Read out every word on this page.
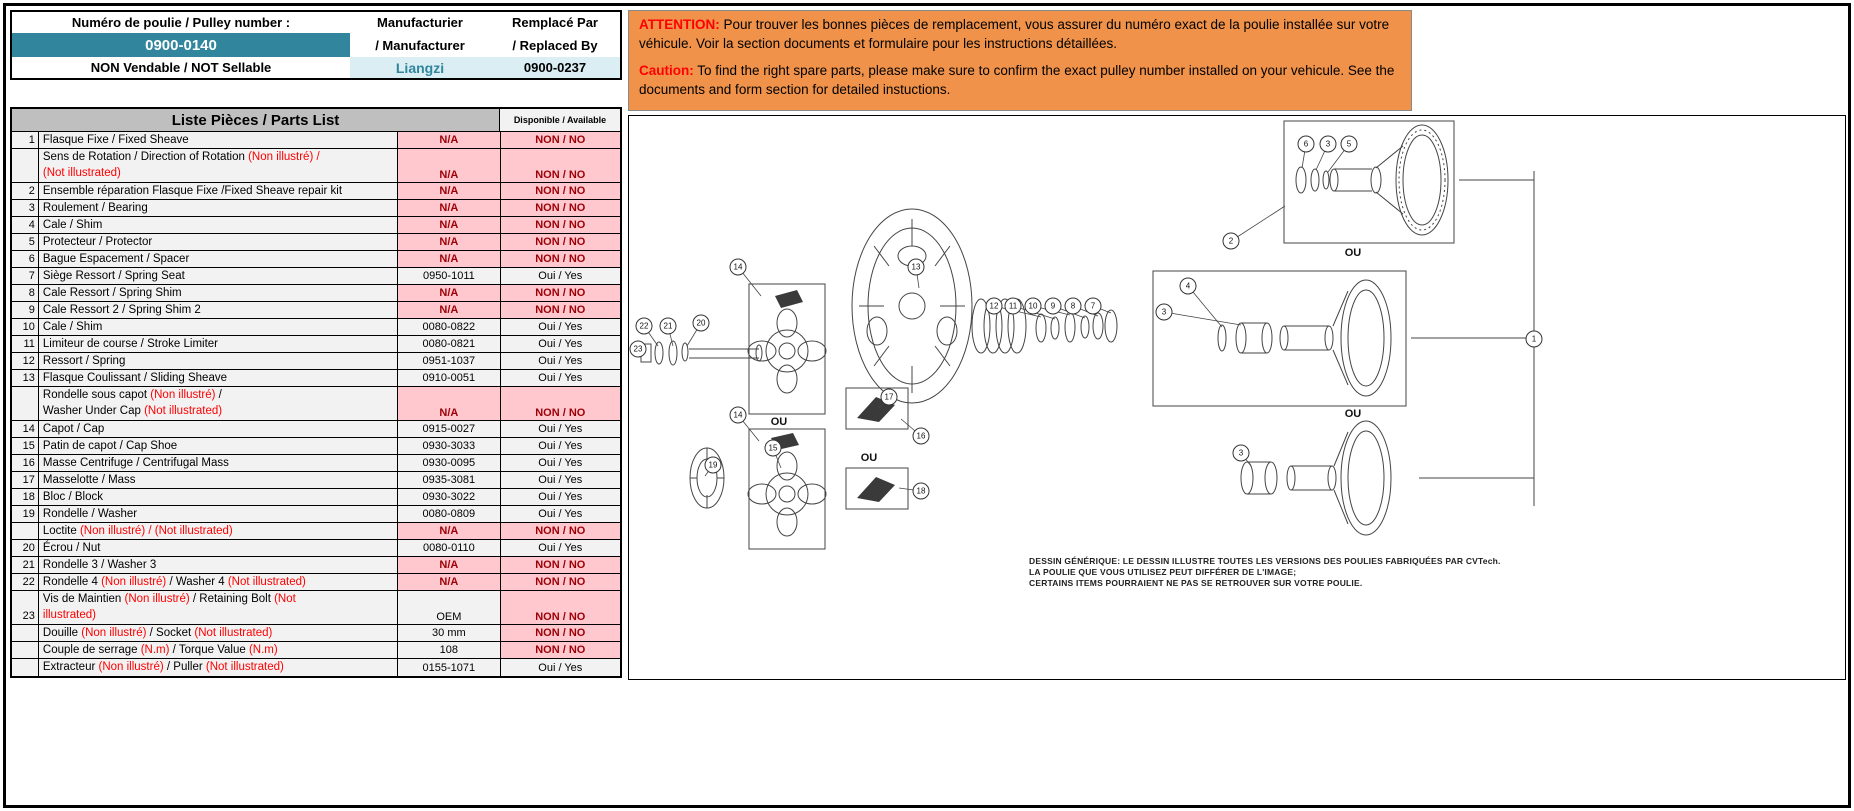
Numéro de poulie / Pulley number :	Manufacturier	Remplacé Par
0900-0140	/ Manufacturer	/ Replaced By
NON Vendable / NOT Sellable	Liangzi	0900-0237

ATTENTION: Pour trouver les bonnes pièces de remplacement, vous assurer du numéro exact de la poulie installée sur votre véhicule. Voir la section documents et formulaire pour les instructions détaillées.

Caution: To find the right spare parts, please make sure to confirm the exact pulley number installed on your vehicule. See the documents and form section for detailed instuctions.

Liste Pièces / Parts List	Disponible / Available
1 Flasque Fixe / Fixed Sheave	N/A	NON / NO
Sens de Rotation / Direction of Rotation (Non illustré) /
(Not illustrated)	N/A	NON / NO
2 Ensemble réparation Flasque Fixe /Fixed Sheave repair kit	N/A	NON / NO
3 Roulement / Bearing	N/A	NON / NO
4 Cale / Shim	N/A	NON / NO
5 Protecteur / Protector	N/A	NON / NO
6 Bague Espacement / Spacer	N/A	NON / NO
7 Siège Ressort / Spring Seat	0950-1011	Oui / Yes
8 Cale Ressort / Spring Shim	N/A	NON / NO
9 Cale Ressort 2 / Spring Shim 2	N/A	NON / NO
10 Cale / Shim	0080-0822	Oui / Yes
11 Limiteur de course / Stroke Limiter	0080-0821	Oui / Yes
12 Ressort / Spring	0951-1037	Oui / Yes
13 Flasque Coulissant / Sliding Sheave	0910-0051	Oui / Yes
Rondelle sous capot (Non illustré) /
Washer Under Cap (Not illustrated)	N/A	NON / NO
14 Capot / Cap	0915-0027	Oui / Yes
15 Patin de capot / Cap Shoe	0930-3033	Oui / Yes
16 Masse Centrifuge / Centrifugal Mass	0930-0095	Oui / Yes
17 Masselotte / Mass	0935-3081	Oui / Yes
18 Bloc / Block	0930-3022	Oui / Yes
19 Rondelle / Washer	0080-0809	Oui / Yes
Loctite (Non illustré) / (Not illustrated)	N/A	NON / NO
20 Écrou / Nut	0080-0110	Oui / Yes
21 Rondelle 3 / Washer 3	N/A	NON / NO
22 Rondelle 4 (Non illustré) / Washer 4 (Not illustrated)	N/A	NON / NO
23
Vis de Maintien (Non illustré) / Retaining Bolt (Not
illustrated)	OEM	NON / NO
Douille (Non illustré) / Socket (Not illustrated)	30 mm	NON / NO
Couple de serrage (N.m) / Torque Value (N.m)	108	NON / NO
Extracteur (Non illustré) / Puller (Not illustrated)	0155-1071	Oui / Yes
14	13
22 21	20
23
12 11 10 9 8 7
4
3
2
1
6 3 5
14
17
19
15
16
18
3
OU
OU
OU
OU
DESSIN GÉNÉRIQUE: LE DESSIN ILLUSTRE TOUTES LES VERSIONS DES POULIES FABRIQUÉES PAR CVTech.
LA POULIE QUE VOUS UTILISEZ PEUT DIFFÉRER DE L'IMAGE;
CERTAINS ITEMS POURRAIENT NE PAS SE RETROUVER SUR VOTRE POULIE.
